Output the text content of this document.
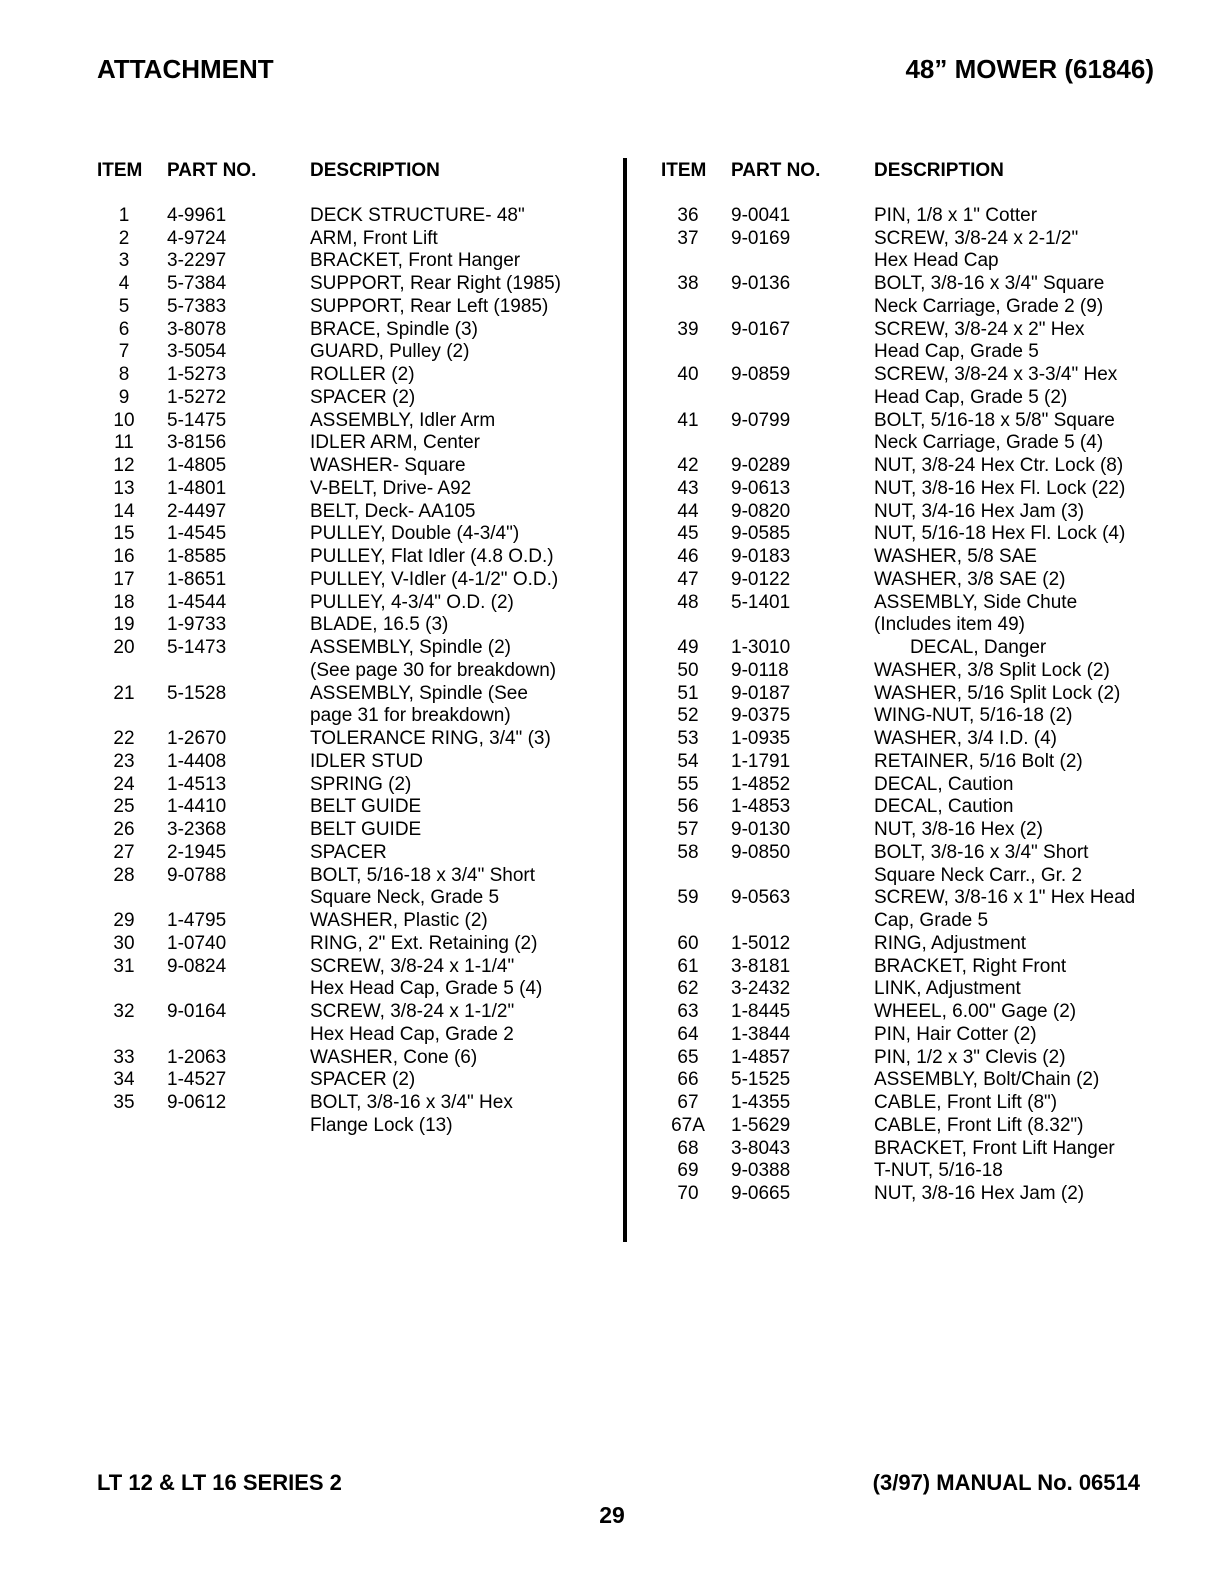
ATTACHMENT	48” MOWER (61846)
ITEM	PART NO.	DESCRIPTION
1	4-9961	DECK STRUCTURE- 48"
2	4-9724	ARM, Front Lift
3	3-2297	BRACKET, Front Hanger
4	5-7384	SUPPORT, Rear Right (1985)
5	5-7383	SUPPORT, Rear Left (1985)
6	3-8078	BRACE, Spindle (3)
7	3-5054	GUARD, Pulley (2)
8	1-5273	ROLLER (2)
9	1-5272	SPACER (2)
10	5-1475	ASSEMBLY, Idler Arm
11	3-8156	IDLER ARM, Center
12	1-4805	WASHER- Square
13	1-4801	V-BELT, Drive- A92
14	2-4497	BELT, Deck- AA105
15	1-4545	PULLEY, Double (4-3/4")
16	1-8585	PULLEY, Flat Idler (4.8 O.D.)
17	1-8651	PULLEY, V-Idler (4-1/2" O.D.)
18	1-4544	PULLEY, 4-3/4" O.D. (2)
19	1-9733	BLADE, 16.5 (3)
20	5-1473	ASSEMBLY, Spindle (2)
(See page 30 for breakdown)
21	5-1528	ASSEMBLY, Spindle (See
page 31 for breakdown)
22	1-2670	TOLERANCE RING, 3/4" (3)
23	1-4408	IDLER STUD
24	1-4513	SPRING (2)
25	1-4410	BELT GUIDE
26	3-2368	BELT GUIDE
27	2-1945	SPACER
28	9-0788	BOLT, 5/16-18 x 3/4" Short
Square Neck, Grade 5
29	1-4795	WASHER, Plastic (2)
30	1-0740	RING, 2" Ext. Retaining (2)
31	9-0824	SCREW, 3/8-24 x 1-1/4"
Hex Head Cap, Grade 5 (4)
32	9-0164	SCREW, 3/8-24 x 1-1/2"
Hex Head Cap, Grade 2
33	1-2063	WASHER, Cone (6)
34	1-4527	SPACER (2)
35	9-0612	BOLT, 3/8-16 x 3/4" Hex
Flange Lock (13)
ITEM	PART NO.	DESCRIPTION
36	9-0041	PIN, 1/8 x 1" Cotter
37	9-0169	SCREW, 3/8-24 x 2-1/2"
Hex Head Cap
38	9-0136	BOLT, 3/8-16 x 3/4" Square
Neck Carriage, Grade 2 (9)
39	9-0167	SCREW, 3/8-24 x 2" Hex
Head Cap, Grade 5
40	9-0859	SCREW, 3/8-24 x 3-3/4" Hex
Head Cap, Grade 5 (2)
41	9-0799	BOLT, 5/16-18 x 5/8" Square
Neck Carriage, Grade 5 (4)
42	9-0289	NUT, 3/8-24 Hex Ctr. Lock (8)
43	9-0613	NUT, 3/8-16 Hex Fl. Lock (22)
44	9-0820	NUT, 3/4-16 Hex Jam (3)
45	9-0585	NUT, 5/16-18 Hex Fl. Lock (4)
46	9-0183	WASHER, 5/8 SAE
47	9-0122	WASHER, 3/8 SAE (2)
48	5-1401	ASSEMBLY, Side Chute
(Includes item 49)
49	1-3010	DECAL, Danger
50	9-0118	WASHER, 3/8 Split Lock (2)
51	9-0187	WASHER, 5/16 Split Lock (2)
52	9-0375	WING-NUT, 5/16-18 (2)
53	1-0935	WASHER, 3/4 I.D. (4)
54	1-1791	RETAINER, 5/16 Bolt (2)
55	1-4852	DECAL, Caution
56	1-4853	DECAL, Caution
57	9-0130	NUT, 3/8-16 Hex (2)
58	9-0850	BOLT, 3/8-16 x 3/4" Short
Square Neck Carr., Gr. 2
59	9-0563	SCREW, 3/8-16 x 1" Hex Head
Cap, Grade 5
60	1-5012	RING, Adjustment
61	3-8181	BRACKET, Right Front
62	3-2432	LINK, Adjustment
63	1-8445	WHEEL, 6.00" Gage (2)
64	1-3844	PIN, Hair Cotter (2)
65	1-4857	PIN, 1/2 x 3" Clevis (2)
66	5-1525	ASSEMBLY, Bolt/Chain (2)
67	1-4355	CABLE, Front Lift (8")
67A	1-5629	CABLE, Front Lift (8.32")
68	3-8043	BRACKET, Front Lift Hanger
69	9-0388	T-NUT, 5/16-18
70	9-0665	NUT, 3/8-16 Hex Jam (2)
LT 12 & LT 16 SERIES 2	(3/97) MANUAL No. 06514
29
